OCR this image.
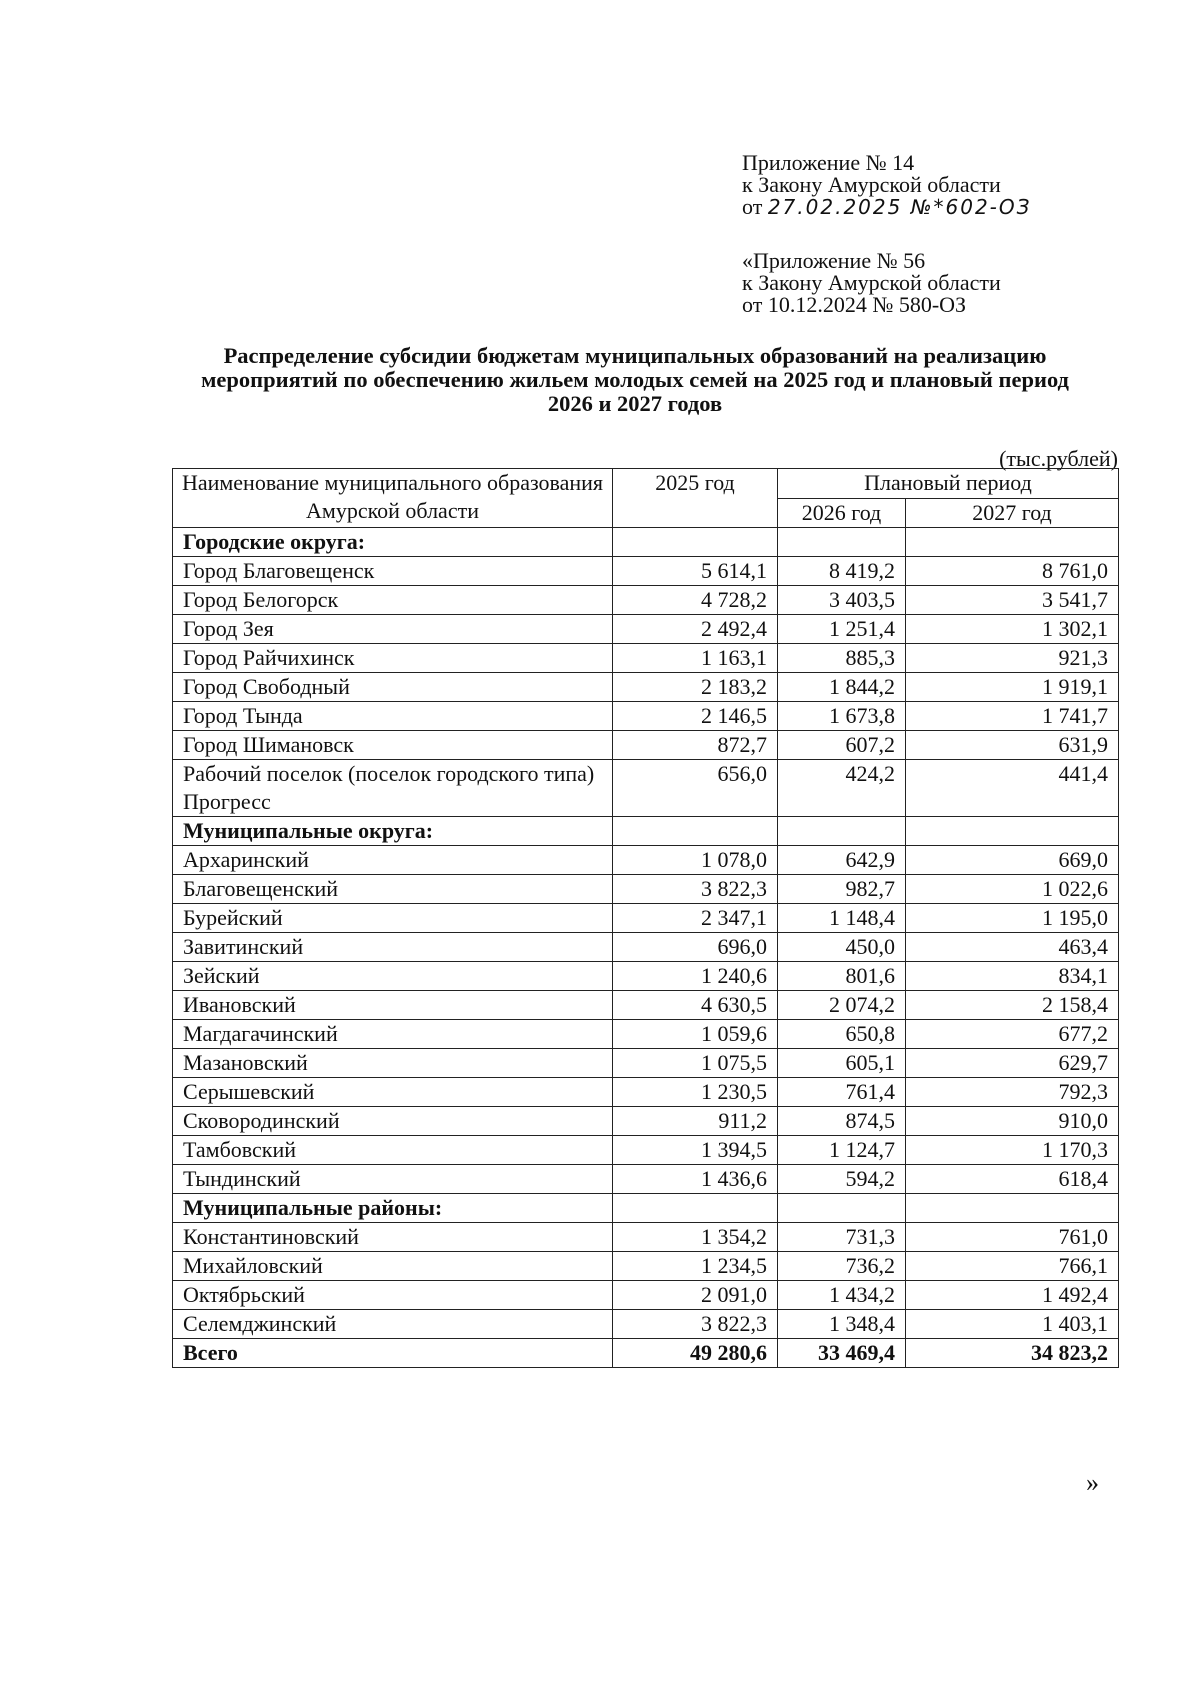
Приложение № 14
к Закону Амурской области
от 27.02.2025 №*602-ОЗ
«Приложение № 56
к Закону Амурской области
от 10.12.2024 № 580-ОЗ
Распределение субсидии бюджетам муниципальных образований на реализацию
мероприятий по обеспечению жильем молодых семей на 2025 год и плановый период
2026 и 2027 годов
(тыс.рублей)
Наименование муниципального образования Амурской области	2025 год	Плановый период	
		2026 год	2027 год
Городские округа:			
Город Благовещенск	5 614,1	8 419,2	8 761,0
Город Белогорск	4 728,2	3 403,5	3 541,7
Город Зея	2 492,4	1 251,4	1 302,1
Город Райчихинск	1 163,1	885,3	921,3
Город Свободный	2 183,2	1 844,2	1 919,1
Город Тында	2 146,5	1 673,8	1 741,7
Город Шимановск	872,7	607,2	631,9
Рабочий поселок (поселок городского типа) Прогресс	656,0	424,2	441,4
Муниципальные округа:			
Архаринский	1 078,0	642,9	669,0
Благовещенский	3 822,3	982,7	1 022,6
Бурейский	2 347,1	1 148,4	1 195,0
Завитинский	696,0	450,0	463,4
Зейский	1 240,6	801,6	834,1
Ивановский	4 630,5	2 074,2	2 158,4
Магдагачинский	1 059,6	650,8	677,2
Мазановский	1 075,5	605,1	629,7
Серышевский	1 230,5	761,4	792,3
Сковородинский	911,2	874,5	910,0
Тамбовский	1 394,5	1 124,7	1 170,3
Тындинский	1 436,6	594,2	618,4
Муниципальные районы:			
Константиновский	1 354,2	731,3	761,0
Михайловский	1 234,5	736,2	766,1
Октябрьский	2 091,0	1 434,2	1 492,4
Селемджинский	3 822,3	1 348,4	1 403,1
Всего	49 280,6	33 469,4	34 823,2
»
